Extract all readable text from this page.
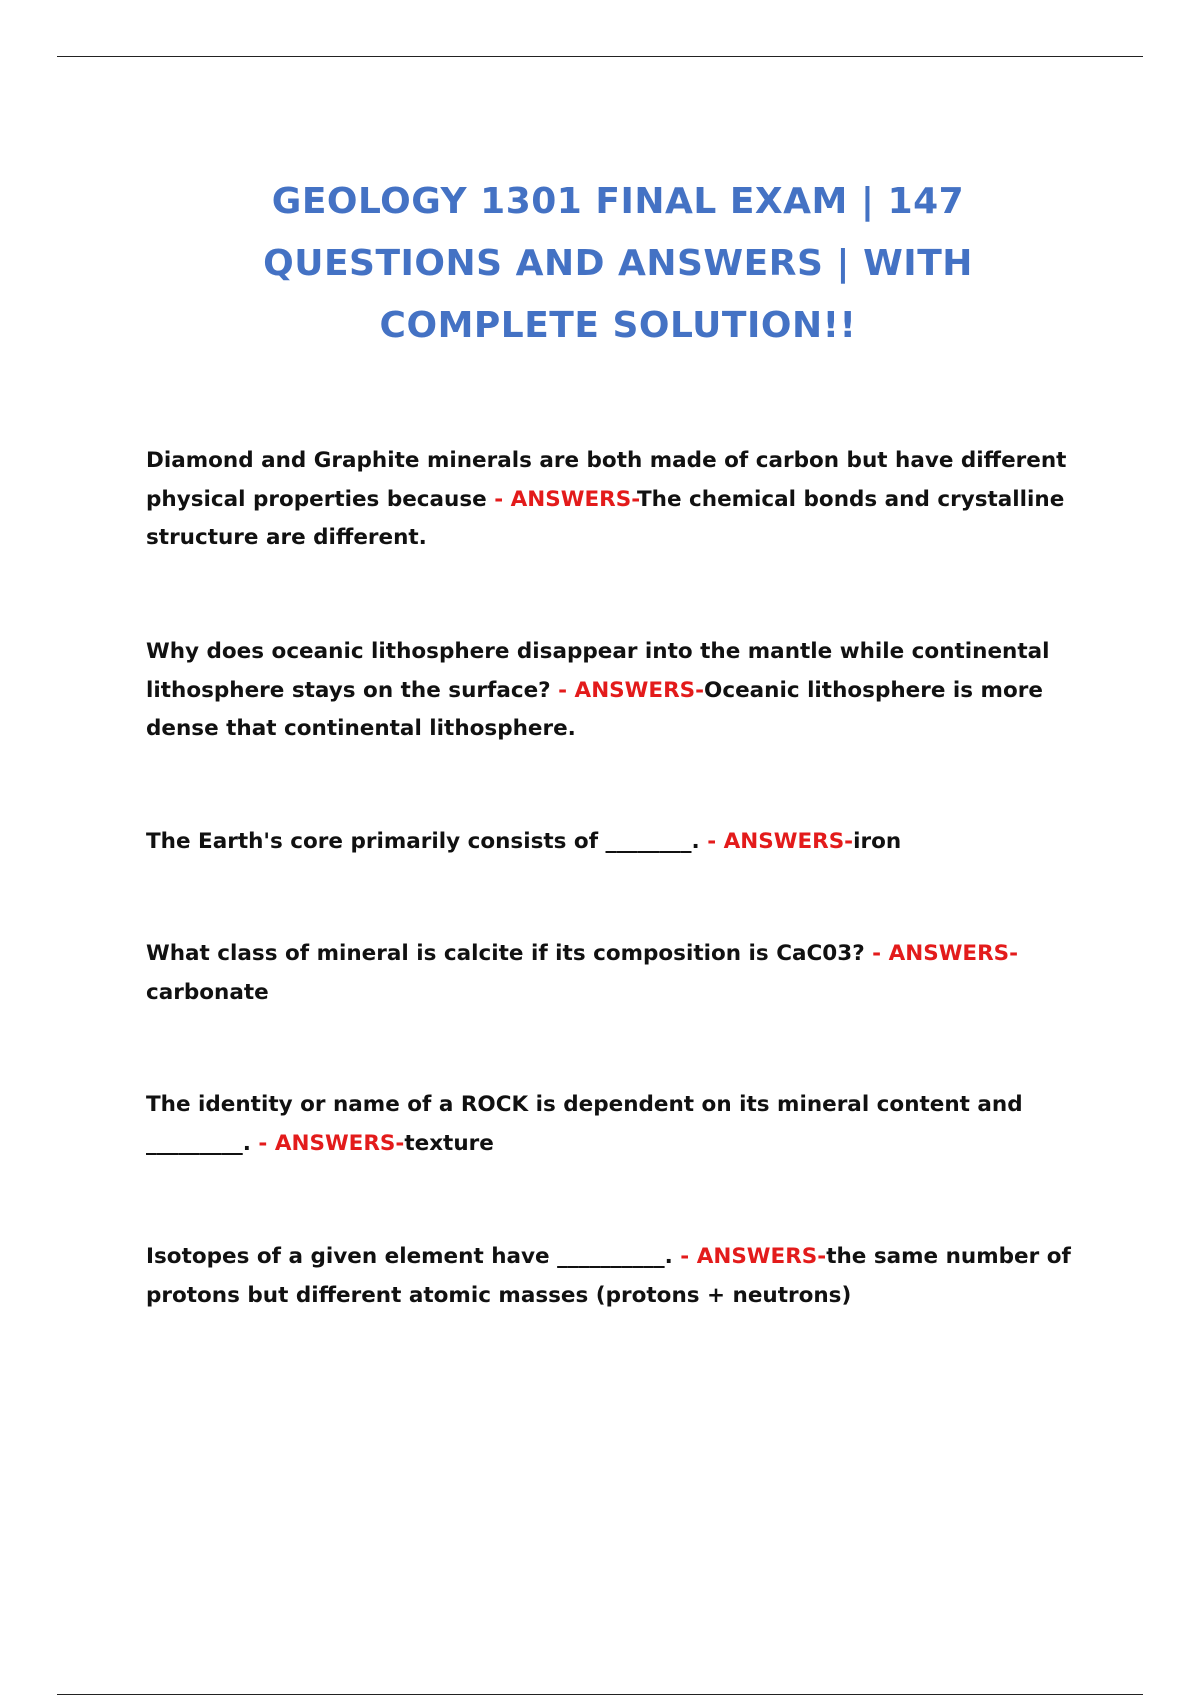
GEOLOGY 1301 FINAL EXAM | 147
QUESTIONS AND ANSWERS | WITH
COMPLETE SOLUTION!!

Diamond and Graphite minerals are both made of carbon but have different physical properties because - ANSWERS-The chemical bonds and crystalline structure are different.

Why does oceanic lithosphere disappear into the mantle while continental lithosphere stays on the surface? - ANSWERS-Oceanic lithosphere is more dense that continental lithosphere.

The Earth's core primarily consists of ________. - ANSWERS-iron

What class of mineral is calcite if its composition is CaC03? - ANSWERS-carbonate

The identity or name of a ROCK is dependent on its mineral content and _________. - ANSWERS-texture

Isotopes of a given element have __________. - ANSWERS-the same number of protons but different atomic masses (protons + neutrons)
